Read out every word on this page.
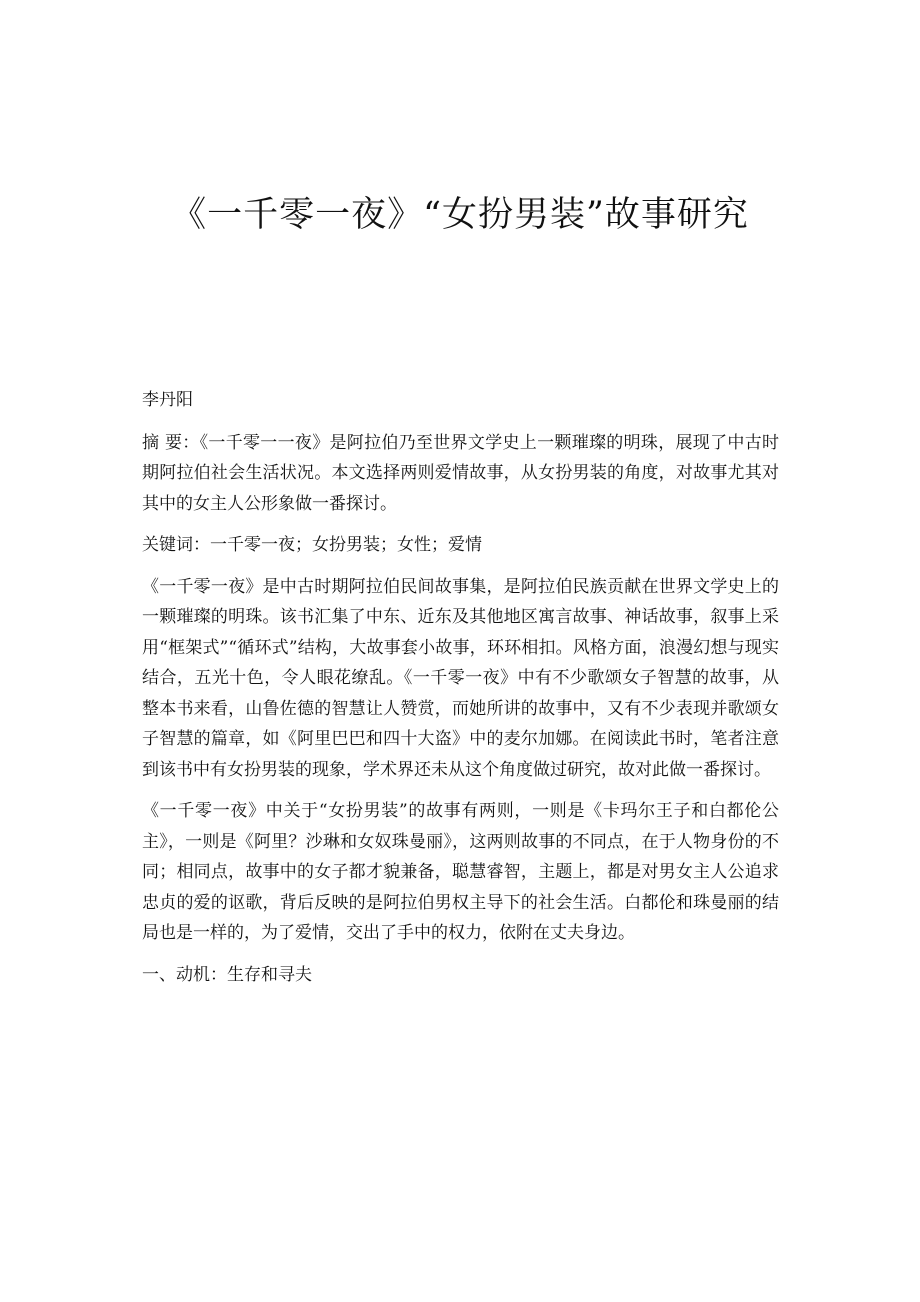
《一千零一夜》“女扮男装”故事研究

李丹阳

摘 要：《一千零一一夜》是阿拉伯乃至世界文学史上一颗璀璨的明珠，展现了中古时期阿拉伯社会生活状况。本文选择两则爱情故事，从女扮男装的角度，对故事尤其对其中的女主人公形象做一番探讨。

关键词：一千零一夜；女扮男装；女性；爱情

《一千零一夜》是中古时期阿拉伯民间故事集，是阿拉伯民族贡献在世界文学史上的一颗璀璨的明珠。该书汇集了中东、近东及其他地区寓言故事、神话故事，叙事上采用“框架式”“循环式”结构，大故事套小故事，环环相扣。风格方面，浪漫幻想与现实结合，五光十色，令人眼花缭乱。《一千零一夜》中有不少歌颂女子智慧的故事，从整本书来看，山鲁佐德的智慧让人赞赏，而她所讲的故事中，又有不少表现并歌颂女子智慧的篇章，如《阿里巴巴和四十大盗》中的麦尔加娜。在阅读此书时，笔者注意到该书中有女扮男装的现象，学术界还未从这个角度做过研究，故对此做一番探讨。

《一千零一夜》中关于“女扮男装”的故事有两则，一则是《卡玛尔王子和白都伦公主》，一则是《阿里？沙琳和女奴珠曼丽》，这两则故事的不同点，在于人物身份的不同；相同点，故事中的女子都才貌兼备，聪慧睿智，主题上，都是对男女主人公追求忠贞的爱的讴歌，背后反映的是阿拉伯男权主导下的社会生活。白都伦和珠曼丽的结局也是一样的，为了爱情，交出了手中的权力，依附在丈夫身边。

一、动机：生存和寻夫
